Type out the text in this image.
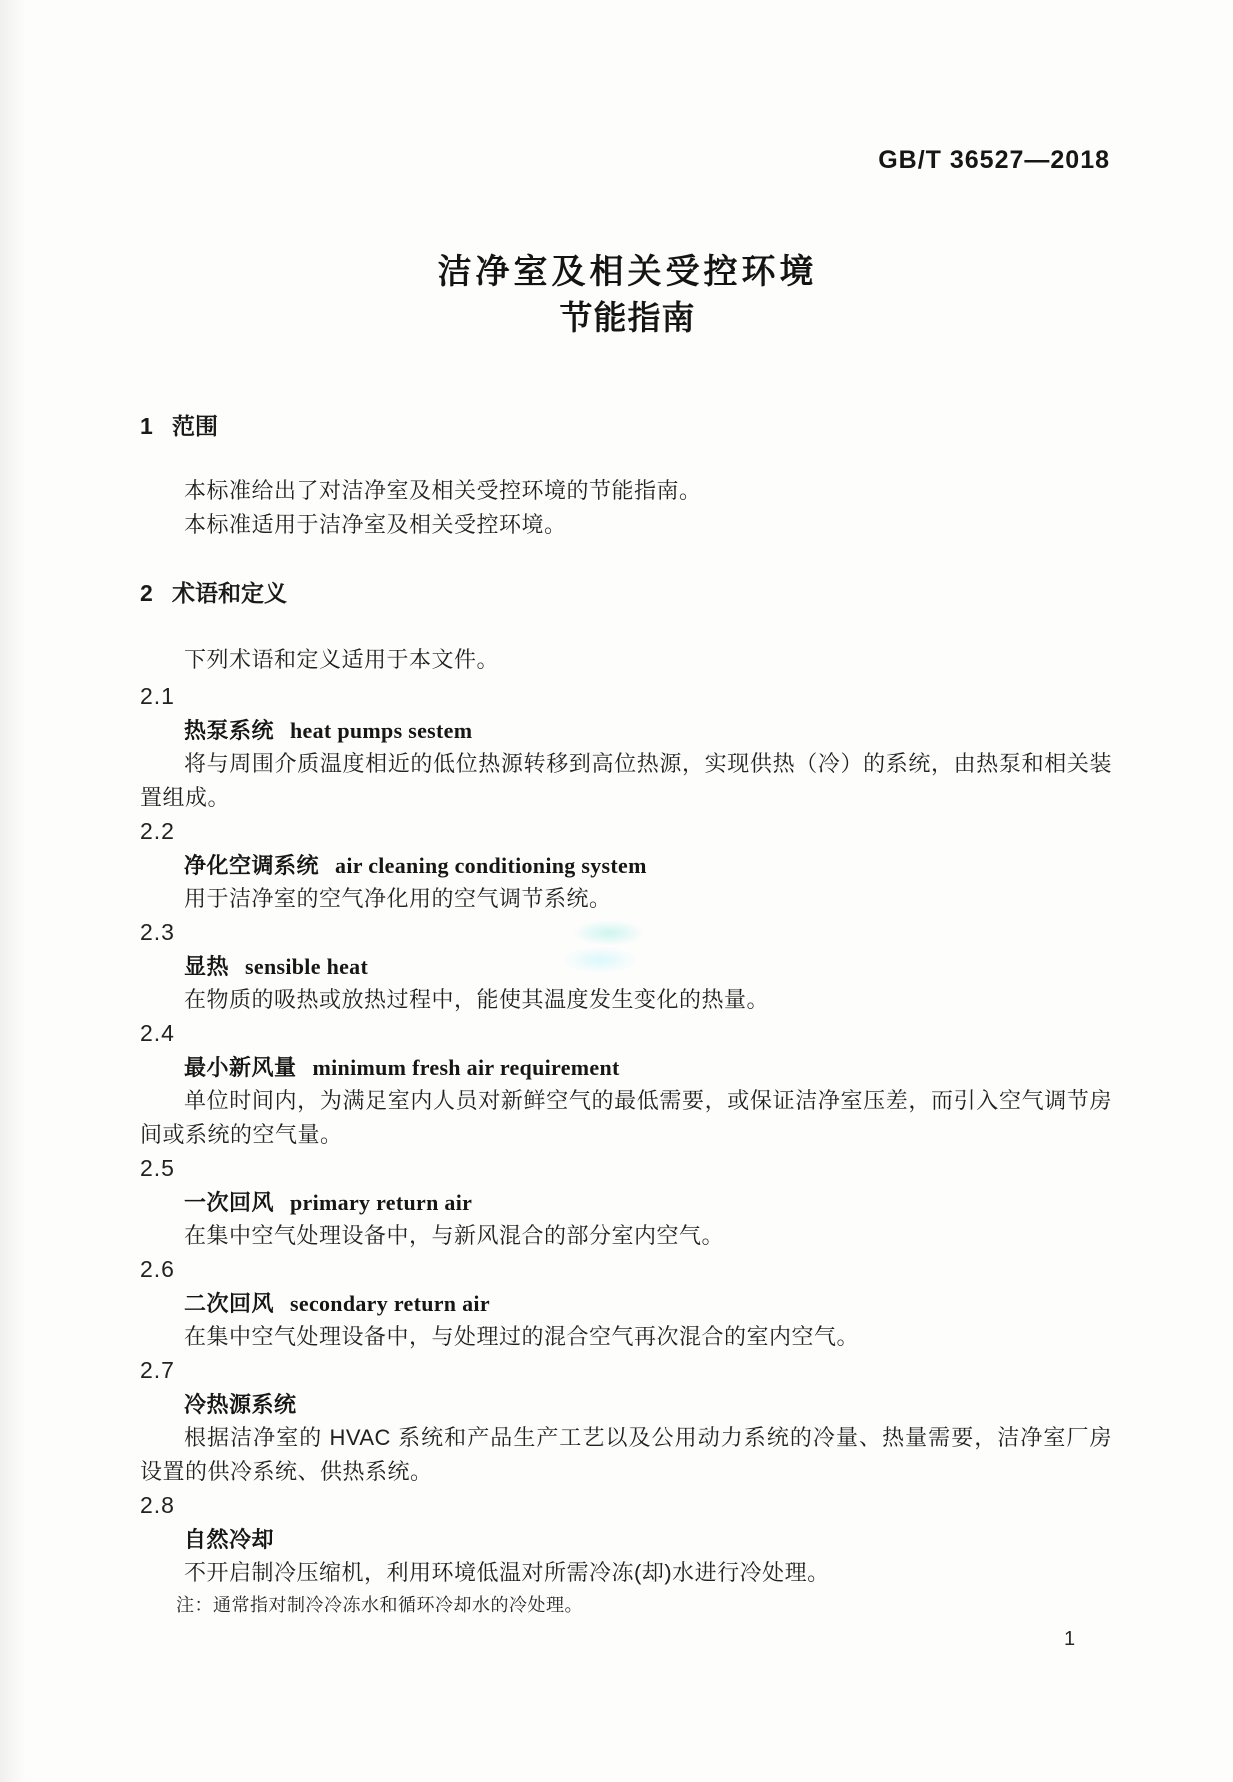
GB/T 36527—2018
洁净室及相关受控环境
节能指南
1 范围

本标准给出了对洁净室及相关受控环境的节能指南。

本标准适用于洁净室及相关受控环境。

2 术语和定义

下列术语和定义适用于本文件。

2.1
热泵系统 heat pumps sestem

将与周围介质温度相近的低位热源转移到高位热源，实现供热（冷）的系统，由热泵和相关装置组成。

2.2
净化空调系统 air cleaning conditioning system

用于洁净室的空气净化用的空气调节系统。

2.3
显热 sensible heat

在物质的吸热或放热过程中，能使其温度发生变化的热量。

2.4
最小新风量 minimum fresh air requirement

单位时间内，为满足室内人员对新鲜空气的最低需要，或保证洁净室压差，而引入空气调节房间或系统的空气量。

2.5
一次回风 primary return air

在集中空气处理设备中，与新风混合的部分室内空气。

2.6
二次回风 secondary return air

在集中空气处理设备中，与处理过的混合空气再次混合的室内空气。

2.7
冷热源系统

根据洁净室的 HVAC 系统和产品生产工艺以及公用动力系统的冷量、热量需要，洁净室厂房设置的供冷系统、供热系统。

2.8
自然冷却

不开启制冷压缩机，利用环境低温对所需冷冻(却)水进行冷处理。

注：通常指对制冷冷冻水和循环冷却水的冷处理。

1
